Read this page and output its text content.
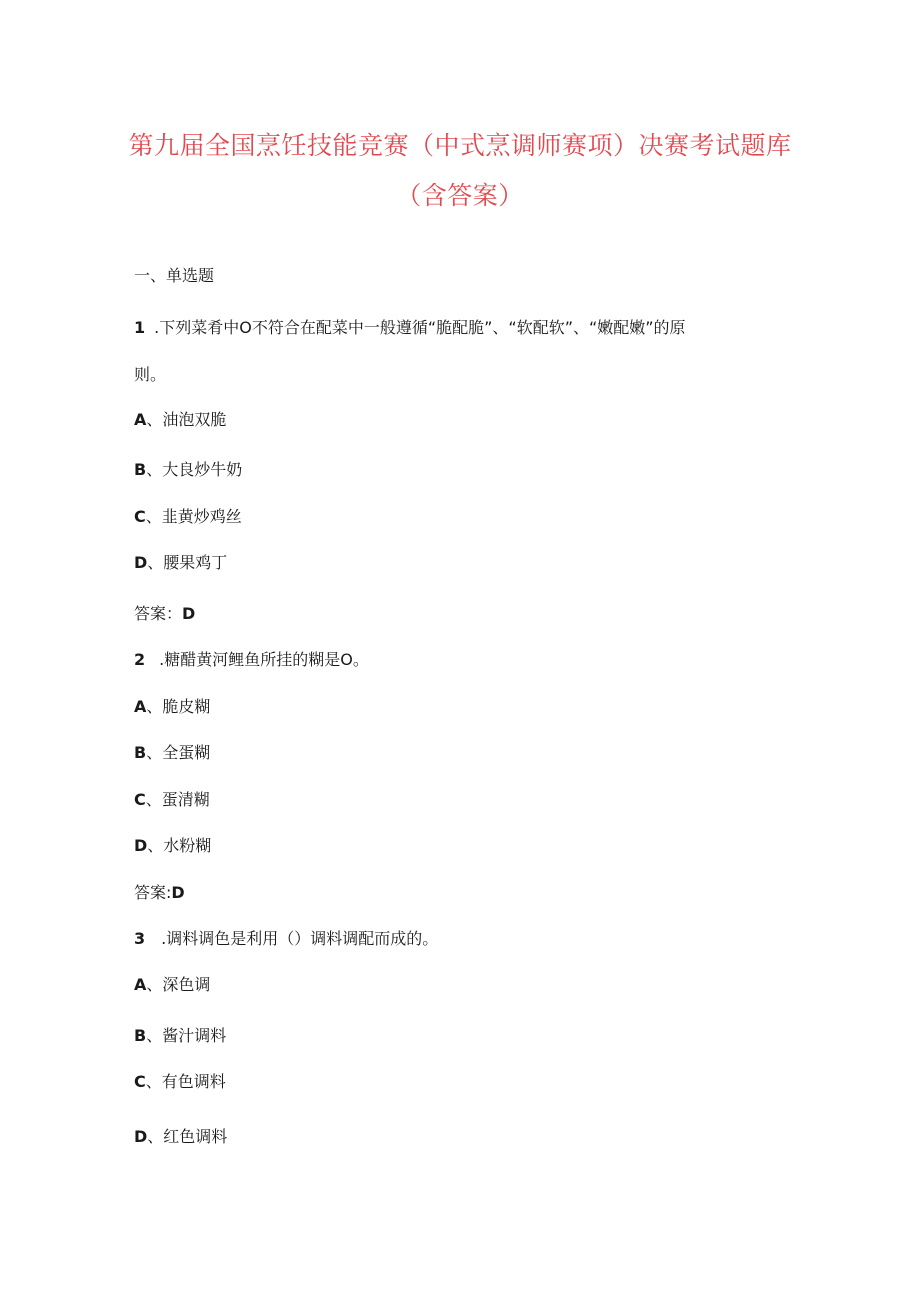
第九届全国烹饪技能竞赛（中式烹调师赛项）决赛考试题库
（含答案）
一、单选题
1 .下列菜肴中O不符合在配菜中一般遵循“脆配脆”、“软配软”、“嫩配嫩”的原
则。
A、油泡双脆
B、大良炒牛奶
C、韭黄炒鸡丝
D、腰果鸡丁
答案：D
2 .糖醋黄河鲤鱼所挂的糊是O。
A、脆皮糊
B、全蛋糊
C、蛋清糊
D、水粉糊
答案:D
3 .调料调色是利用（）调料调配而成的。
A、深色调
B、酱汁调料
C、有色调料
D、红色调料
